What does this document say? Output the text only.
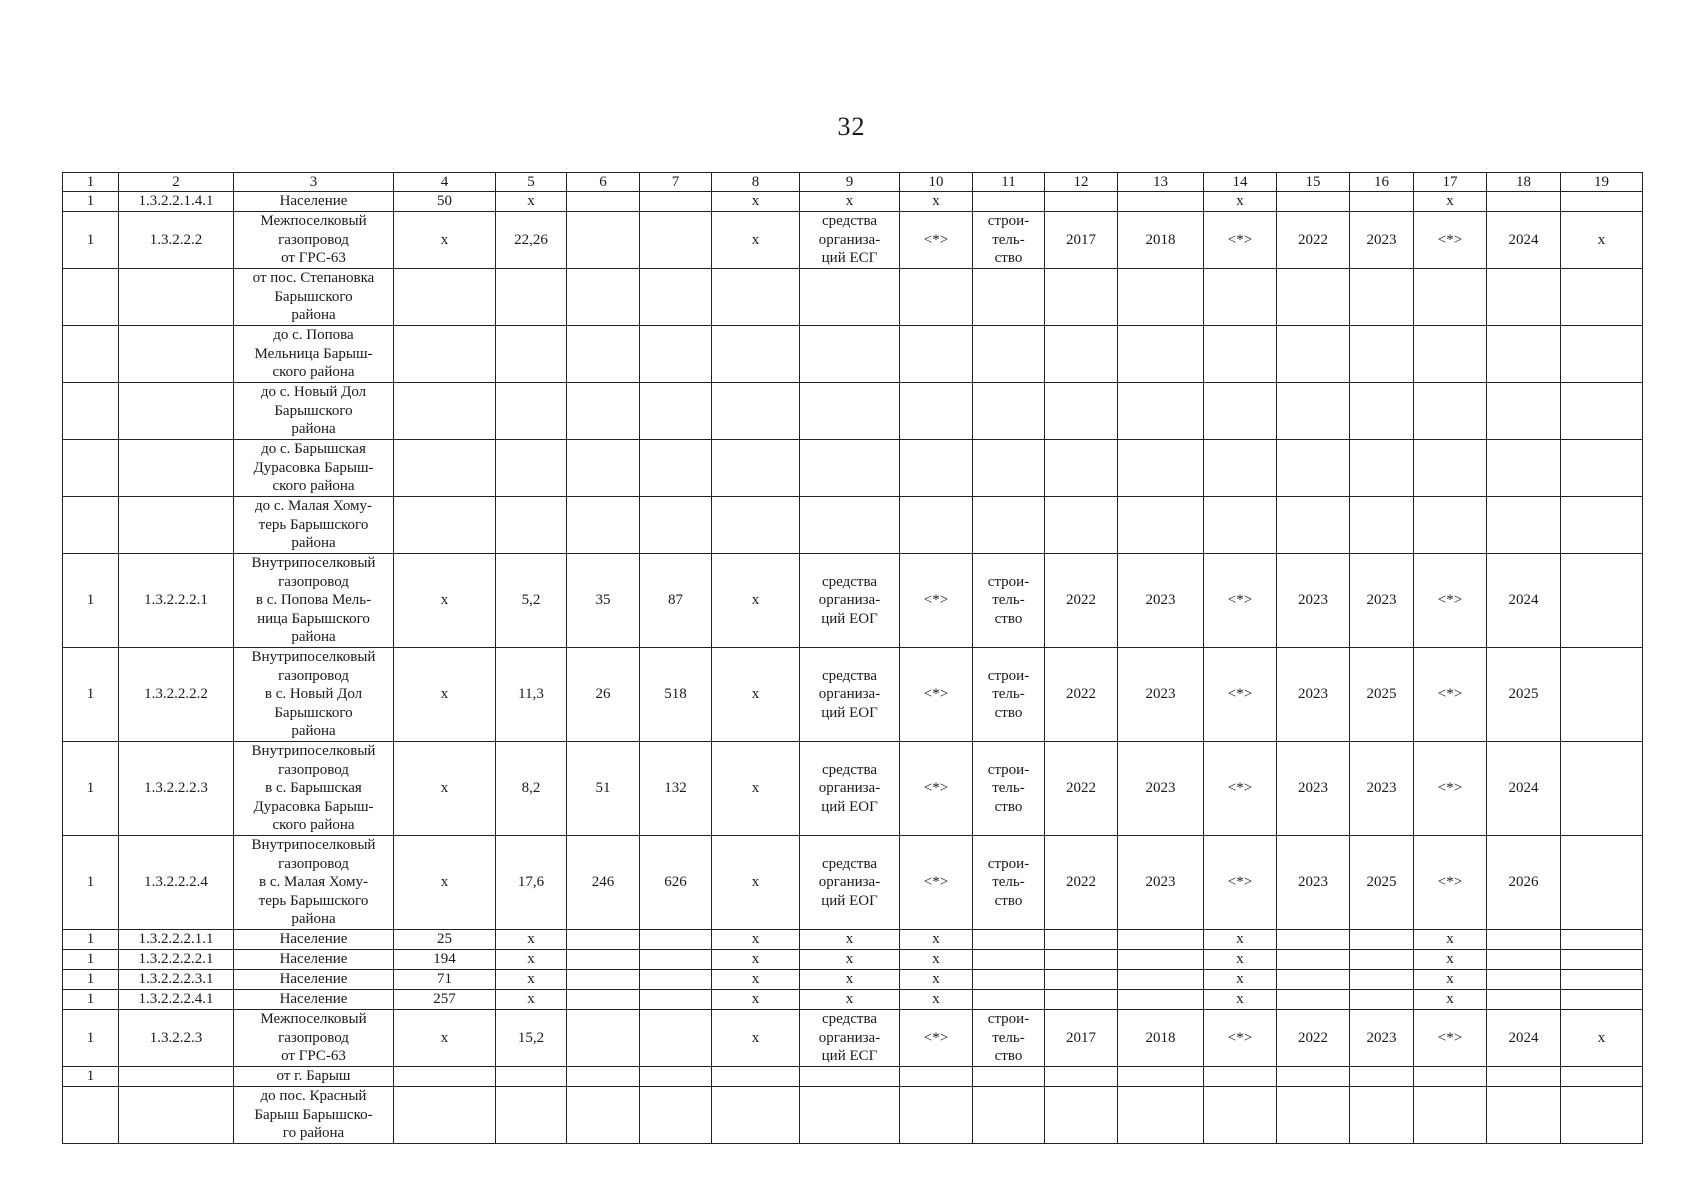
32
1	2	3	4	5	6	7	8	9	10	11	12	13	14	15	16	17	18	19
1	1.3.2.2.1.4.1	Население	50	x			x	x	x				x			x		
1	1.3.2.2.2	Межпоселковый
газопровод
от ГРС-63	x	22,26			x	средства
организа-
ций ЕСГ	<*>	строи-
тель-
ство	2017	2018	<*>	2022	2023	<*>	2024	x
		от пос. Степановка
Барышского
района																
		до с. Попова
Мельница Барыш-
ского района																
		до с. Новый Дол
Барышского
района																
		до с. Барышская
Дурасовка Барыш-
ского района																
		до с. Малая Хому-
терь Барышского
района																
1	1.3.2.2.2.1	Внутрипоселковый
газопровод
в с. Попова Мель-
ница Барышского
района	x	5,2	35	87	x	средства
организа-
ций ЕОГ	<*>	строи-
тель-
ство	2022	2023	<*>	2023	2023	<*>	2024	
1	1.3.2.2.2.2	Внутрипоселковый
газопровод
в с. Новый Дол
Барышского
района	x	11,3	26	518	x	средства
организа-
ций ЕОГ	<*>	строи-
тель-
ство	2022	2023	<*>	2023	2025	<*>	2025	
1	1.3.2.2.2.3	Внутрипоселковый
газопровод
в с. Барышская
Дурасовка Барыш-
ского района	x	8,2	51	132	x	средства
организа-
ций ЕОГ	<*>	строи-
тель-
ство	2022	2023	<*>	2023	2023	<*>	2024	
1	1.3.2.2.2.4	Внутрипоселковый
газопровод
в с. Малая Хому-
терь Барышского
района	x	17,6	246	626	x	средства
организа-
ций ЕОГ	<*>	строи-
тель-
ство	2022	2023	<*>	2023	2025	<*>	2026	
1	1.3.2.2.2.1.1	Население	25	x			x	x	x				x			x		
1	1.3.2.2.2.2.1	Население	194	x			x	x	x				x			x		
1	1.3.2.2.2.3.1	Население	71	x			x	x	x				x			x		
1	1.3.2.2.2.4.1	Население	257	x			x	x	x				x			x		
1	1.3.2.2.3	Межпоселковый
газопровод
от ГРС-63	x	15,2			x	средства
организа-
ций ЕСГ	<*>	строи-
тель-
ство	2017	2018	<*>	2022	2023	<*>	2024	x
1		от г. Барыш																
		до пос. Красный
Барыш Барышско-
го района																
